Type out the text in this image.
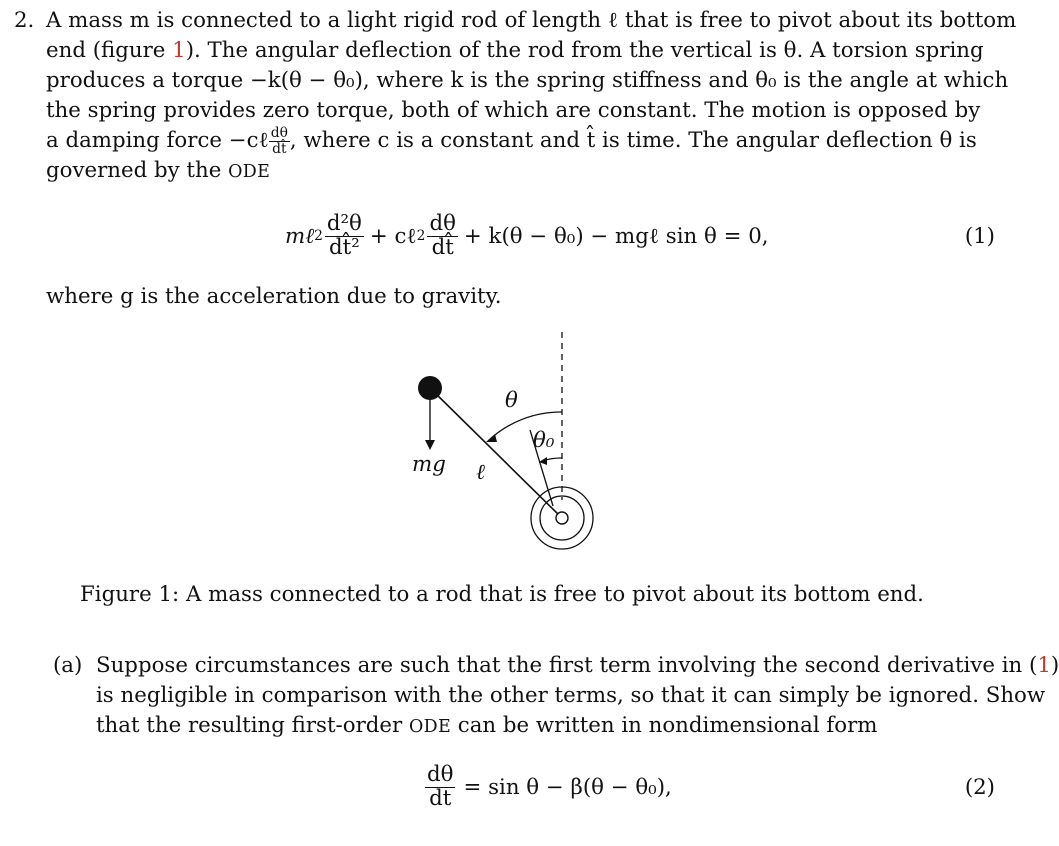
2. A mass m is connected to a light rigid rod of length ℓ that is free to pivot about its bottom
end (figure 1). The angular deflection of the rod from the vertical is θ. A torsion spring
produces a torque −k(θ − θ₀), where k is the spring stiffness and θ₀ is the angle at which
the spring provides zero torque, both of which are constant. The motion is opposed by
a damping force −cℓ $\frac{d\theta}{dt̂}$ , where c is a constant and t̂ is time. The angular deflection θ is
governed by the ODE
mℓ $2 \frac{\text{d²θ}}{\text{dt̂²}}$ + cℓ $2 \frac{d\theta}{dt̂} + k(\theta - \theta_0)$ − mgℓ sin θ = 0,	(1)
where g is the acceleration due to gravity.
θ
θ₀
mg ℓ
Figure 1: A mass connected to a rod that is free to pivot about its bottom end.
(a) Suppose circumstances are such that the first term involving the second derivative in (1)
is negligible in comparison with the other terms, so that it can simply be ignored. Show
that the resulting first-order ODE can be written in nondimensional form
$\frac{d\theta}{dt} = \sin \theta - \beta(\theta - \theta_0)$,	(2)
